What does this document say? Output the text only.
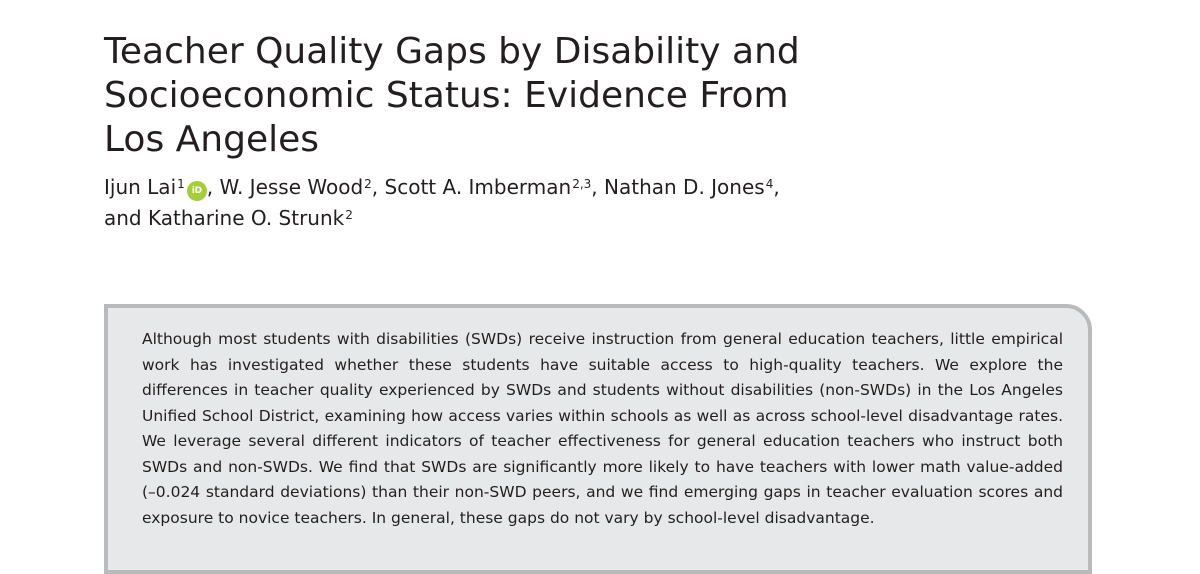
Teacher Quality Gaps by Disability and
Socioeconomic Status: Evidence From
Los Angeles
Ijun Lai$^1$ iD , W. Jesse Wood$^2$, Scott A. Imberman$^{2,3}$, Nathan D. Jones$^4$,
and Katharine O. Strunk$^2$

Although most students with disabilities (SWDs) receive instruction from general education teachers, little empirical work has investigated whether these students have suitable access to high-quality teachers. We explore the differences in teacher quality experienced by SWDs and students without disabilities (non-SWDs) in the Los Angeles Unified School District, examining how access varies within schools as well as across school-level disadvantage rates. We leverage several different indicators of teacher effectiveness for general education teachers who instruct both SWDs and non-SWDs. We find that SWDs are significantly more likely to have teachers with lower math value-added (–0.024 standard deviations) than their non-SWD peers, and we find emerging gaps in teacher evaluation scores and exposure to novice teachers. In general, these gaps do not vary by school-level disadvantage.
